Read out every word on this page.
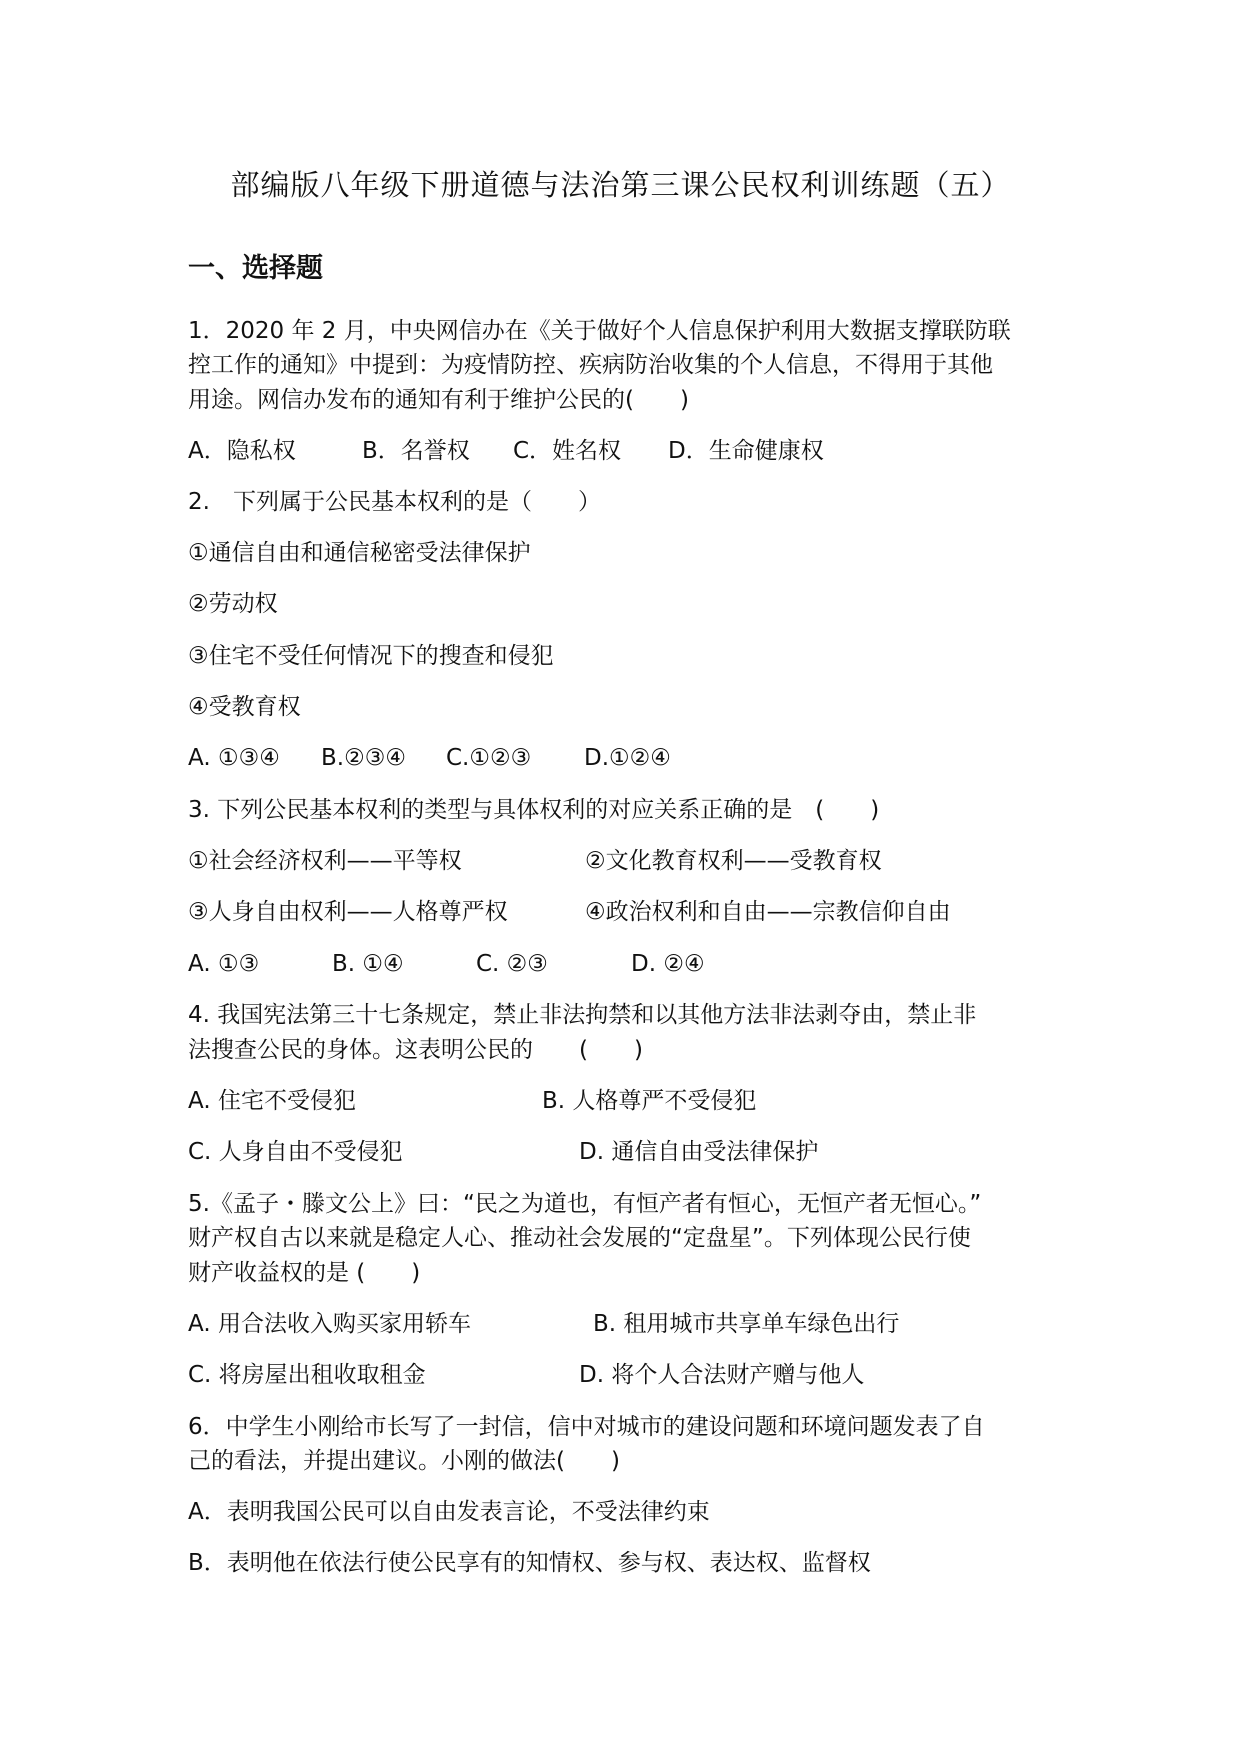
部编版八年级下册道德与法治第三课公民权利训练题（五）
一、选择题
1．2020 年 2 月，中央网信办在《关于做好个人信息保护利用大数据支撑联防联
控工作的通知》中提到：为疫情防控、疾病防治收集的个人信息，不得用于其他
用途。网信办发布的通知有利于维护公民的(　　)
A．隐私权	B．名誉权 C．姓名权 D．生命健康权
2.　下列属于公民基本权利的是（　　）
①通信自由和通信秘密受法律保护
②劳动权
③住宅不受任何情况下的搜查和侵犯
④受教育权
A. ①③④ B.②③④ C.①②③ D.①②④
3. 下列公民基本权利的类型与具体权利的对应关系正确的是　(　　)
①社会经济权利——平等权	②文化教育权利——受教育权
③人身自由权利——人格尊严权	④政治权利和自由——宗教信仰自由
A. ①③	B. ①④	C. ②③	D. ②④
4. 我国宪法第三十七条规定，禁止非法拘禁和以其他方法非法剥夺由，禁止非
法搜查公民的身体。这表明公民的　　(　　)
A. 住宅不受侵犯	B. 人格尊严不受侵犯
C. 人身自由不受侵犯	D. 通信自由受法律保护
5.《孟子・滕文公上》曰：“民之为道也，有恒产者有恒心，无恒产者无恒心。”
财产权自古以来就是稳定人心、推动社会发展的“定盘星”。下列体现公民行使
财产收益权的是 (　　)
A. 用合法收入购买家用轿车	B. 租用城市共享单车绿色出行
C. 将房屋出租收取租金	D. 将个人合法财产赠与他人
6．中学生小刚给市长写了一封信，信中对城市的建设问题和环境问题发表了自
己的看法，并提出建议。小刚的做法(　　)
A．表明我国公民可以自由发表言论，不受法律约束
B．表明他在依法行使公民享有的知情权、参与权、表达权、监督权
